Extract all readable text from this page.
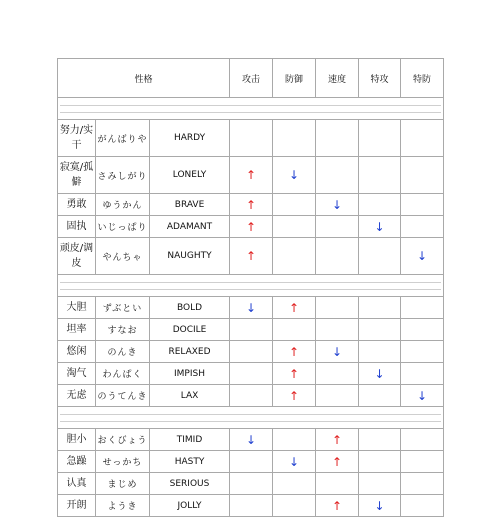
性格			攻击	防御	速度	特攻	特防

努力/实干	がんばりや	HARDY					
寂寞/孤僻	さみしがり	LONELY	↑	↓			
勇敢	ゆうかん	BRAVE	↑		↓		
固执	いじっぱり	ADAMANT	↑			↓	
顽皮/调皮	やんちゃ	NAUGHTY	↑				↓

大胆	ずぶとい	BOLD	↓	↑			
坦率	すなお	DOCILE					
悠闲	のんき	RELAXED		↑	↓		
淘气	わんぱく	IMPISH		↑		↓	
无虑	のうてんき	LAX		↑			↓

胆小	おくびょう	TIMID	↓		↑		
急躁	せっかち	HASTY		↓	↑		
认真	まじめ	SERIOUS					
开朗	ようき	JOLLY			↑	↓	
